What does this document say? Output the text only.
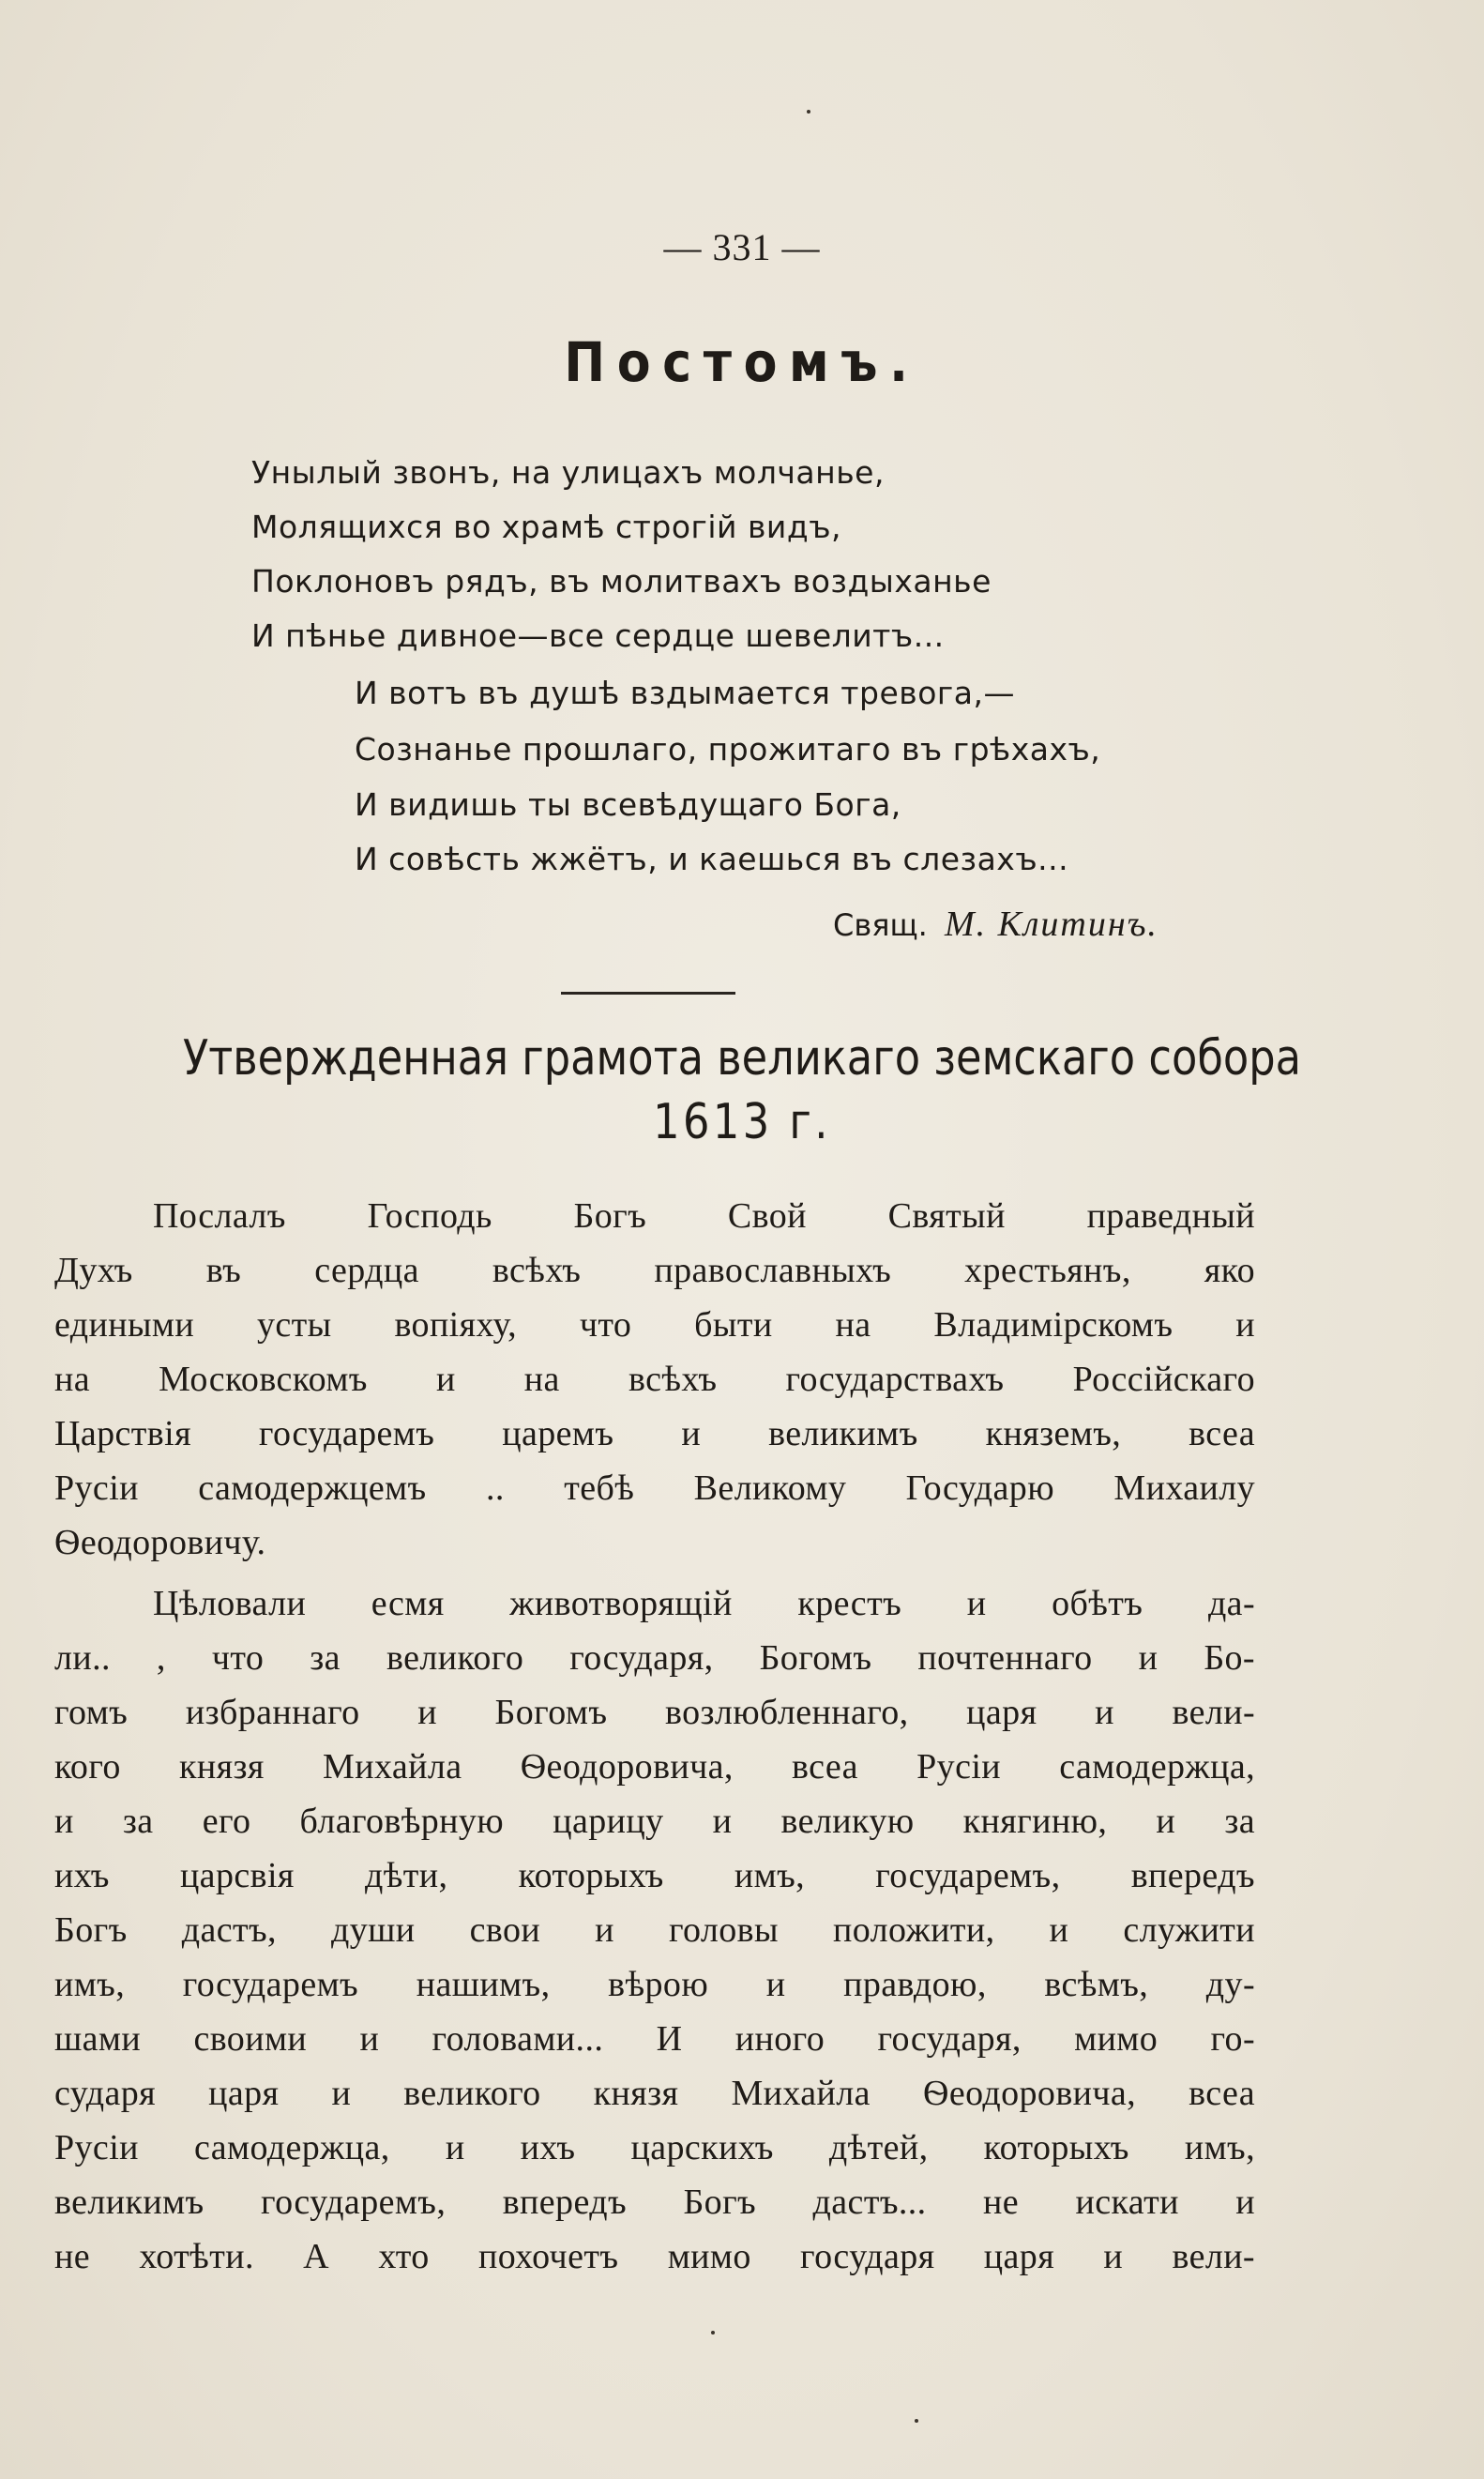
— 331 —
Постомъ.
Унылый звонъ, на улицахъ молчанье,
Молящихся во храмѣ строгій видъ,
Поклоновъ рядъ, въ молитвахъ воздыханье
И пѣнье дивное—все сердце шевелитъ...
И вотъ въ душѣ вздымается тревога,—
Сознанье прошлаго, прожитаго въ грѣхахъ,
И видишь ты всевѣдущаго Бога,
И совѣсть жжётъ, и каешься въ слезахъ...
Свящ. М. Клитинъ.
Утвержденная грамота великаго земскаго собора
1613 г.
Послалъ Господь Богъ Свой Святый праведный
Духъ въ сердца всѣхъ православныхъ хрестьянъ, яко
едиными усты вопіяху, что быти на Владимірскомъ и
на Московскомъ и на всѣхъ государствахъ Россійскаго
Царствія государемъ царемъ и великимъ княземъ, всеа
Русіи самодержцемъ .. тебѣ Великому Государю Михаилу
Ѳеодоровичу.
Цѣловали есмя животворящій крестъ и обѣтъ да-
ли.. , что за великого государя, Богомъ почтеннаго и Бо-
гомъ избраннаго и Богомъ возлюбленнаго, царя и вели-
кого князя Михайла Ѳеодоровича, всеа Русіи самодержца,
и за его благовѣрную царицу и великую княгиню, и за
ихъ царсвія дѣти, которыхъ имъ, государемъ, впередъ
Богъ дастъ, души свои и головы положити, и служити
имъ, государемъ нашимъ, вѣрою и правдою, всѣмъ, ду-
шами своими и головами... И иного государя, мимо го-
сударя царя и великого князя Михайла Ѳеодоровича, всеа
Русіи самодержца, и ихъ царскихъ дѣтей, которыхъ имъ,
великимъ государемъ, впередъ Богъ дастъ... не искати и
не хотѣти. А хто похочетъ мимо государя царя и вели-
